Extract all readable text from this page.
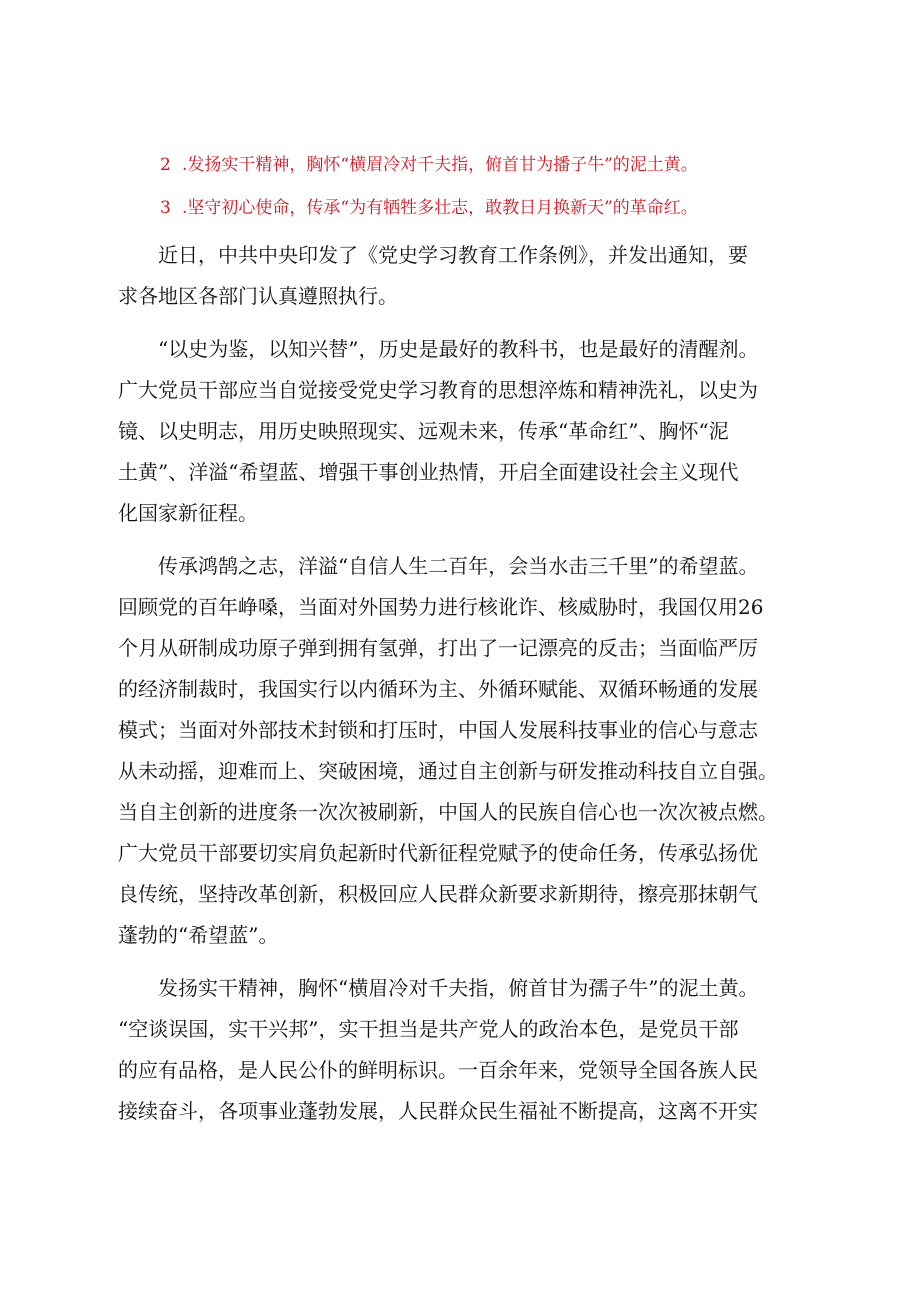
2 .发扬实干精神，胸怀“横眉冷对千夫指，俯首甘为播子牛”的泥土黄。
3 .坚守初心使命，传承“为有牺牲多壮志，敢教日月换新天”的革命红。
近日，中共中央印发了《党史学习教育工作条例》，并发出通知，要
求各地区各部门认真遵照执行。
“以史为鉴，以知兴替”，历史是最好的教科书，也是最好的清醒剂。
广大党员干部应当自觉接受党史学习教育的思想淬炼和精神洗礼，以史为
镜、以史明志，用历史映照现实、远观未来，传承“革命红”、胸怀“泥
土黄”、洋溢“希望蓝、增强干事创业热情，开启全面建设社会主义现代
化国家新征程。
传承鸿鹄之志，洋溢“自信人生二百年，会当水击三千里”的希望蓝。
回顾党的百年峥嗓，当面对外国势力进行核讹诈、核威胁时，我国仅用26
个月从研制成功原子弹到拥有氢弹，打出了一记漂亮的反击；当面临严厉
的经济制裁时，我国实行以内循环为主、外循环赋能、双循环畅通的发展
模式；当面对外部技术封锁和打压时，中国人发展科技事业的信心与意志
从未动摇，迎难而上、突破困境，通过自主创新与研发推动科技自立自强。
当自主创新的进度条一次次被刷新，中国人的民族自信心也一次次被点燃。
广大党员干部要切实肩负起新时代新征程党赋予的使命任务，传承弘扬优
良传统，坚持改革创新，积极回应人民群众新要求新期待，擦亮那抹朝气
蓬勃的“希望蓝”。
发扬实干精神，胸怀“横眉冷对千夫指，俯首甘为孺子牛”的泥土黄。
“空谈误国，实干兴邦”，实干担当是共产党人的政治本色，是党员干部
的应有品格，是人民公仆的鲜明标识。一百余年来，党领导全国各族人民
接续奋斗，各项事业蓬勃发展，人民群众民生福祉不断提高，这离不开实
